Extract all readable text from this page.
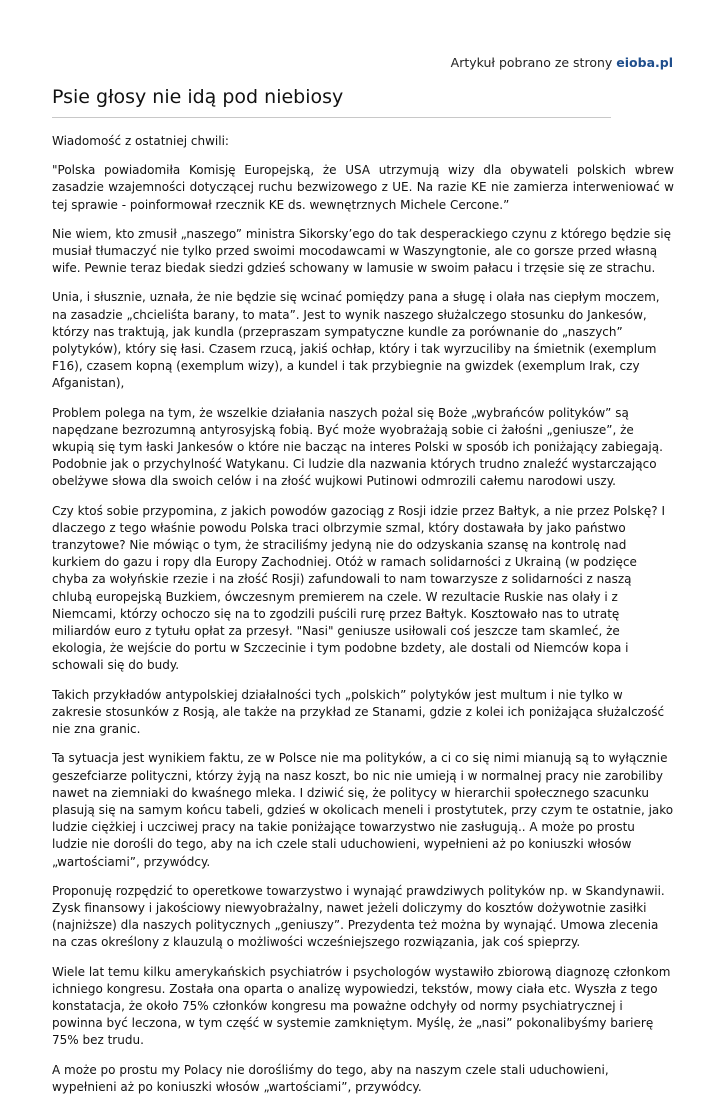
Artykuł pobrano ze strony eioba.pl
Psie głosy nie idą pod niebiosy

Wiadomość z ostatniej chwili:

"Polska powiadomiła Komisję Europejską, że USA utrzymują wizy dla obywateli polskich wbrew zasadzie wzajemności dotyczącej ruchu bezwizowego z UE. Na razie KE nie zamierza interweniować w tej sprawie - poinformował rzecznik KE ds. wewnętrznych Michele Cercone.”

Nie wiem, kto zmusił „naszego” ministra Sikorsky’ego do tak desperackiego czynu z którego będzie się musiał tłumaczyć nie tylko przed swoimi mocodawcami w Waszyngtonie, ale co gorsze przed własną wife. Pewnie teraz biedak siedzi gdzieś schowany w lamusie w swoim pałacu i trzęsie się ze strachu.

Unia, i słusznie, uznała, że nie będzie się wcinać pomiędzy pana a sługę i olała nas ciepłym moczem, na zasadzie „chcieliśta barany, to mata”. Jest to wynik naszego służalczego stosunku do Jankesów, którzy nas traktują, jak kundla (przepraszam sympatyczne kundle za porównanie do „naszych” polytyków), który się łasi. Czasem rzucą, jakiś ochłap, który i tak wyrzuciliby na śmietnik (exemplum F16), czasem kopną (exemplum wizy), a kundel i tak przybiegnie na gwizdek (exemplum Irak, czy Afganistan),

Problem polega na tym, że wszelkie działania naszych pożal się Boże „wybrańców polityków” są napędzane bezrozumną antyrosyjską fobią. Być może wyobrażają sobie ci żałośni „geniusze”, że wkupią się tym łaski Jankesów o które nie bacząc na interes Polski w sposób ich poniżający zabiegają. Podobnie jak o przychylność Watykanu. Ci ludzie dla nazwania których trudno znaleźć wystarczająco obelżywe słowa dla swoich celów i na złość wujkowi Putinowi odmrozili całemu narodowi uszy.

Czy ktoś sobie przypomina, z jakich powodów gazociąg z Rosji idzie przez Bałtyk, a nie przez Polskę? I dlaczego z tego właśnie powodu Polska traci olbrzymie szmal, który dostawała by jako państwo tranzytowe? Nie mówiąc o tym, że straciliśmy jedyną nie do odzyskania szansę na kontrolę nad kurkiem do gazu i ropy dla Europy Zachodniej. Otóż w ramach solidarności z Ukrainą (w podzięce chyba za wołyńskie rzezie i na złość Rosji) zafundowali to nam towarzysze z solidarności z naszą chlubą europejską Buzkiem, ówczesnym premierem na czele. W rezultacie Ruskie nas olały i z Niemcami, którzy ochoczo się na to zgodzili puścili rurę przez Bałtyk. Kosztowało nas to utratę miliardów euro z tytułu opłat za przesył. "Nasi" geniusze usiłowali coś jeszcze tam skamleć, że ekologia, że wejście do portu w Szczecinie i tym podobne bzdety, ale dostali od Niemców kopa i schowali się do budy.

Takich przykładów antypolskiej działalności tych „polskich” polytyków jest multum i nie tylko w zakresie stosunków z Rosją, ale także na przykład ze Stanami, gdzie z kolei ich poniżająca służalczość nie zna granic.

Ta sytuacja jest wynikiem faktu, ze w Polsce nie ma polityków, a ci co się nimi mianują są to wyłącznie geszefciarze polityczni, którzy żyją na nasz koszt, bo nic nie umieją i w normalnej pracy nie zarobiliby nawet na ziemniaki do kwaśnego mleka. I dziwić się, że politycy w hierarchii społecznego szacunku plasują się na samym końcu tabeli, gdzieś w okolicach meneli i prostytutek, przy czym te ostatnie, jako ludzie ciężkiej i uczciwej pracy na takie poniżające towarzystwo nie zasługują.. A może po prostu ludzie nie dorośli do tego, aby na ich czele stali uduchowieni, wypełnieni aż po koniuszki włosów „wartościami”, przywódcy.

Proponuję rozpędzić to operetkowe towarzystwo i wynająć prawdziwych polityków np. w Skandynawii. Zysk finansowy i jakościowy niewyobrażalny, nawet jeżeli doliczymy do kosztów dożywotnie zasiłki (najniższe) dla naszych politycznych „geniuszy”. Prezydenta też można by wynająć. Umowa zlecenia na czas określony z klauzulą o możliwości wcześniejszego rozwiązania, jak coś spieprzy.

Wiele lat temu kilku amerykańskich psychiatrów i psychologów wystawiło zbiorową diagnozę członkom ichniego kongresu. Została ona oparta o analizę wypowiedzi, tekstów, mowy ciała etc. Wyszła z tego konstatacja, że około 75% członków kongresu ma poważne odchyły od normy psychiatrycznej i powinna być leczona, w tym część w systemie zamkniętym. Myślę, że „nasi” pokonalibyśmy barierę 75% bez trudu.

A może po prostu my Polacy nie dorośliśmy do tego, aby na naszym czele stali uduchowieni, wypełnieni aż po koniuszki włosów „wartościami”, przywódcy.
